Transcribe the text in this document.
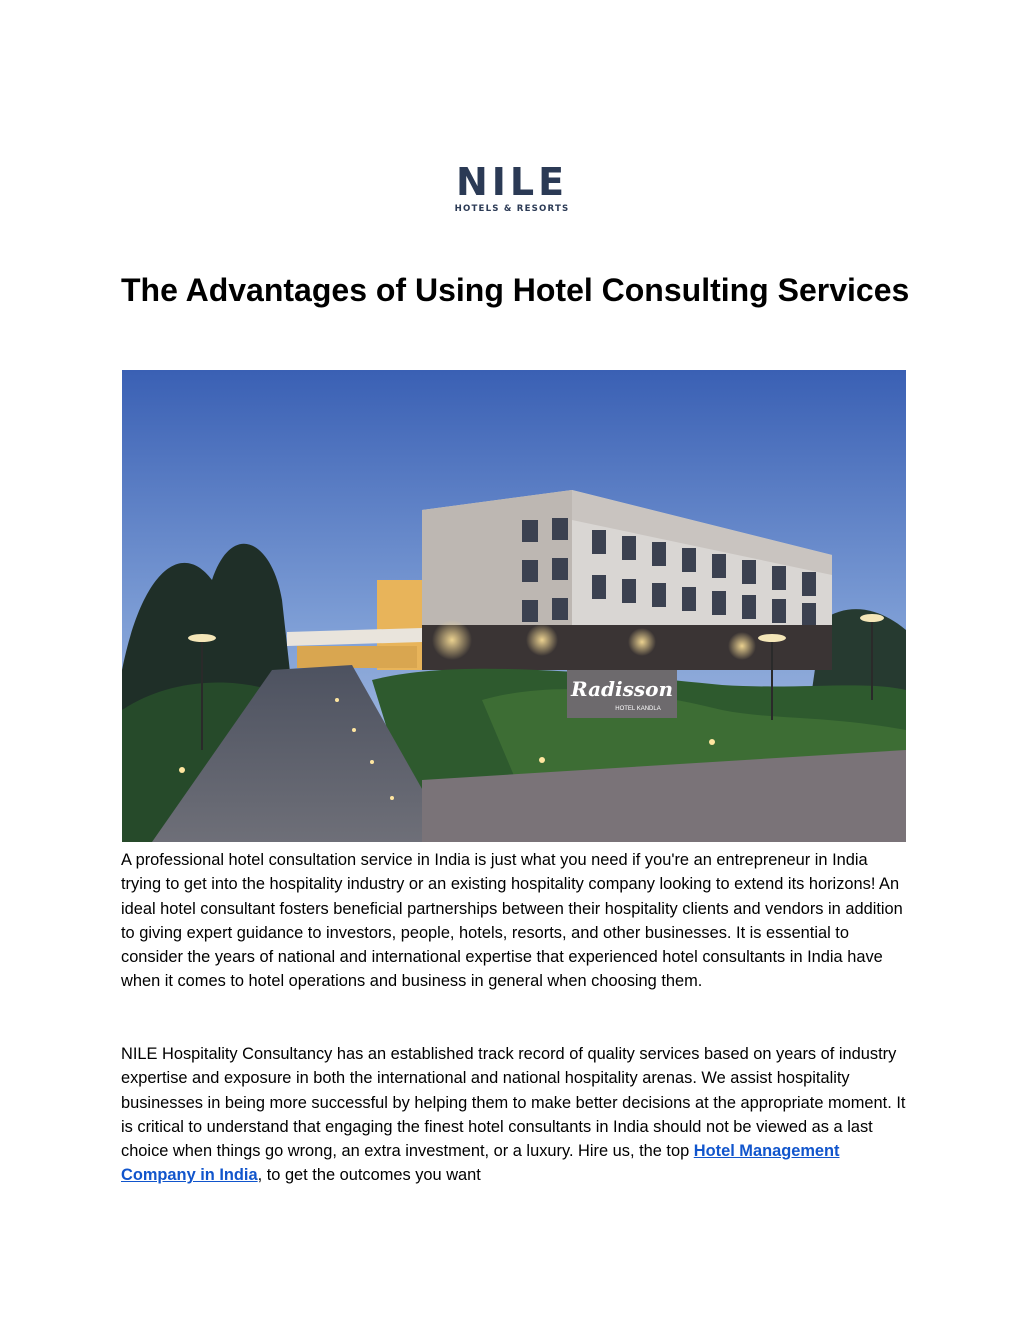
NILE
HOTELS & RESORTS
The Advantages of Using Hotel Consulting Services
Radisson
HOTEL KANDLA

A professional hotel consultation service in India is just what you need if you're an entrepreneur in India trying to get into the hospitality industry or an existing hospitality company looking to extend its horizons! An ideal hotel consultant fosters beneficial partnerships between their hospitality clients and vendors in addition to giving expert guidance to investors, people, hotels, resorts, and other businesses. It is essential to consider the years of national and international expertise that experienced hotel consultants in India have when it comes to hotel operations and business in general when choosing them.

NILE Hospitality Consultancy has an established track record of quality services based on years of industry expertise and exposure in both the international and national hospitality arenas. We assist hospitality businesses in being more successful by helping them to make better decisions at the appropriate moment. It is critical to understand that engaging the finest hotel consultants in India should not be viewed as a last choice when things go wrong, an extra investment, or a luxury. Hire us, the top Hotel Management Company in India, to get the outcomes you want
